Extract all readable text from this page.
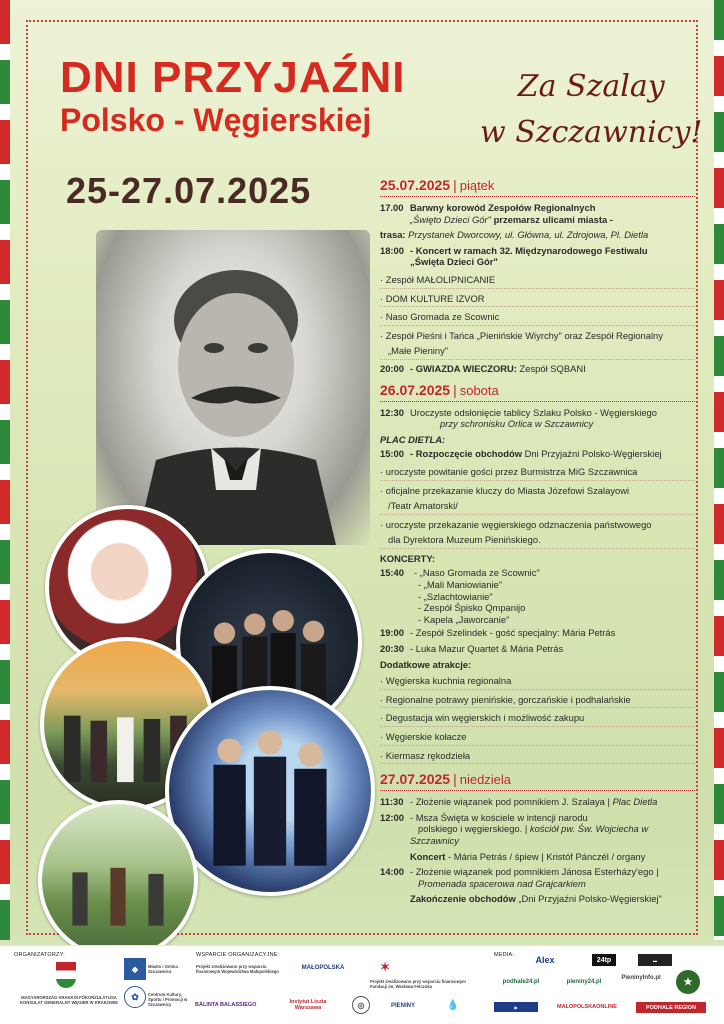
DNI PRZYJAŹNI
Polsko - Węgierskiej
Za Szalay
w Szczawnicy!
25-27.07.2025	25.07.2025 | piątek
17.00 Barwny korowód Zespołów Regionalnych
„Święto Dzieci Gór" przemarsz ulicami miasta -
trasa: Przystanek Dworcowy, ul. Główna, ul. Zdrojowa, Pl. Dietla
18:00 - Koncert w ramach 32. Międzynarodowego Festiwalu
„Święta Dzieci Gór"
· Zespół MAŁOLIPNICANIE
· DOM KULTURE IZVOR
· Naso Gromada ze Scownic
· Zespół Pieśni i Tańca „Pienińskie Wiyrchy" oraz Zespół Regionalny
„Małe Pieniny"
20:00 - GWIAZDA WIECZORU: Zespół SQBANI
26.07.2025 | sobota
12:30 Uroczyste odsłonięcie tablicy Szlaku Polsko - Węgierskiego
przy schronisku Orlica w Szczawnicy
PLAC DIETLA:
15:00 - Rozpoczęcie obchodów Dni Przyjaźni Polsko-Węgierskiej
· uroczyste powitanie gości przez Burmistrza MiG Szczawnica
· oficjalne przekazanie kluczy do Miasta Józefowi Szalayowi
/Teatr Amatorski/
· uroczyste przekazanie węgierskiego odznaczenia państwowego
dla Dyrektora Muzeum Pienińskiego.
KONCERTY:
15:40	- „Naso Gromada ze Scownic"
- „Mali Maniowianie"
- „Szlachtowianie"
- Zespół Śpisko Qmpanijo
- Kapela „Jaworcanie"
19:00 - Zespół Szelindek - gość specjalny: Mária Petrás
20:30 - Luka Mazur Quartet & Mária Petrás
Dodatkowe atrakcje:
· Węgierska kuchnia regionalna
· Regionalne potrawy pienińskie, gorczańskie i podhalańskie
· Degustacja win węgierskich i możliwość zakupu
· Węgierskie kołacze
· Kiermasz rękodzieła
27.07.2025 | niedziela
11:30 - Złożenie wiązanek pod pomnikiem J. Szalaya | Plac Dietla
12:00 - Msza Święta w kościele w intencji narodu
polskiego i węgierskiego. | kościół pw. Św. Wojciecha w Szczawnicy
Koncert - Mária Petrás / śpiew | Kristóf Pánczél / organy
14:00 - Złożenie wiązanek pod pomnikiem Jánosa Esterházy'ego |
Promenada spacerowa nad Grajcarkiem
Zakończenie obchodów „Dni Przyjaźni Polsko-Węgierskiej"
ORGANIZATORZY:	WSPARCIE ORGANIZACYJNE:	MEDIA:
MAGYARORSZÁG KRAKKÓI FŐKONZULÁTUSA KONSULAT GENERALNY WĘGIER W KRAKOWIE
◆	Miasto i Gmina Szczawnica
✿	Centrum Kultury, Sportu i Promocji w Szczawnicy
Projekt zrealizowano przy wsparciu finansowym Województwa Małopolskiego
MAŁOPOLSKA	✶
Projekt zrealizowano przy wsparciu finansowym Fundacji im. Wacława Felczoka
BÁLINTA BALASSIEGO	Instytut Liszta Warszawa	◎	PIENINY	💧
Alex	24tp	▬
podhale24.pl	pieniny24.pl
PieninyInfo.pl	★
▶	MALOPOLSKAONLINE	PODHALE REGION
